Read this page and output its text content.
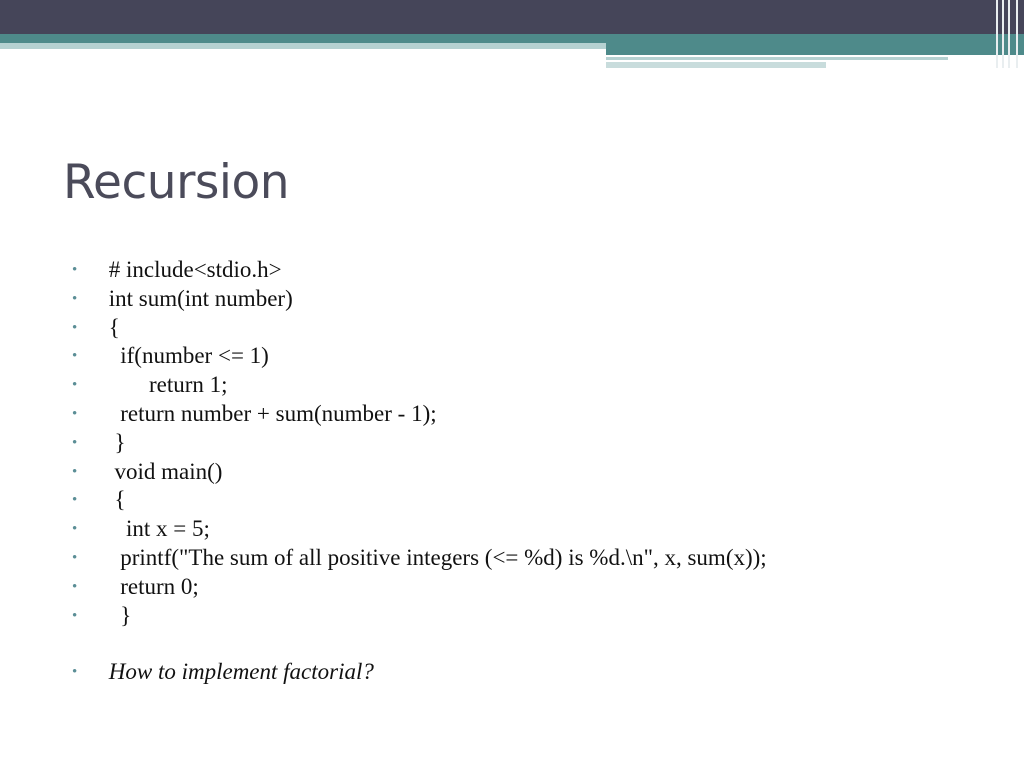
Recursion
• # include<stdio.h>
• int sum(int number)
• {
• if(number <= 1)
• return 1;
• return number + sum(number - 1);
• }
• void main()
• {
• int x = 5;
• printf("The sum of all positive integers (<= %d) is %d.\n", x, sum(x));
• return 0;
• }
• How to implement factorial?
